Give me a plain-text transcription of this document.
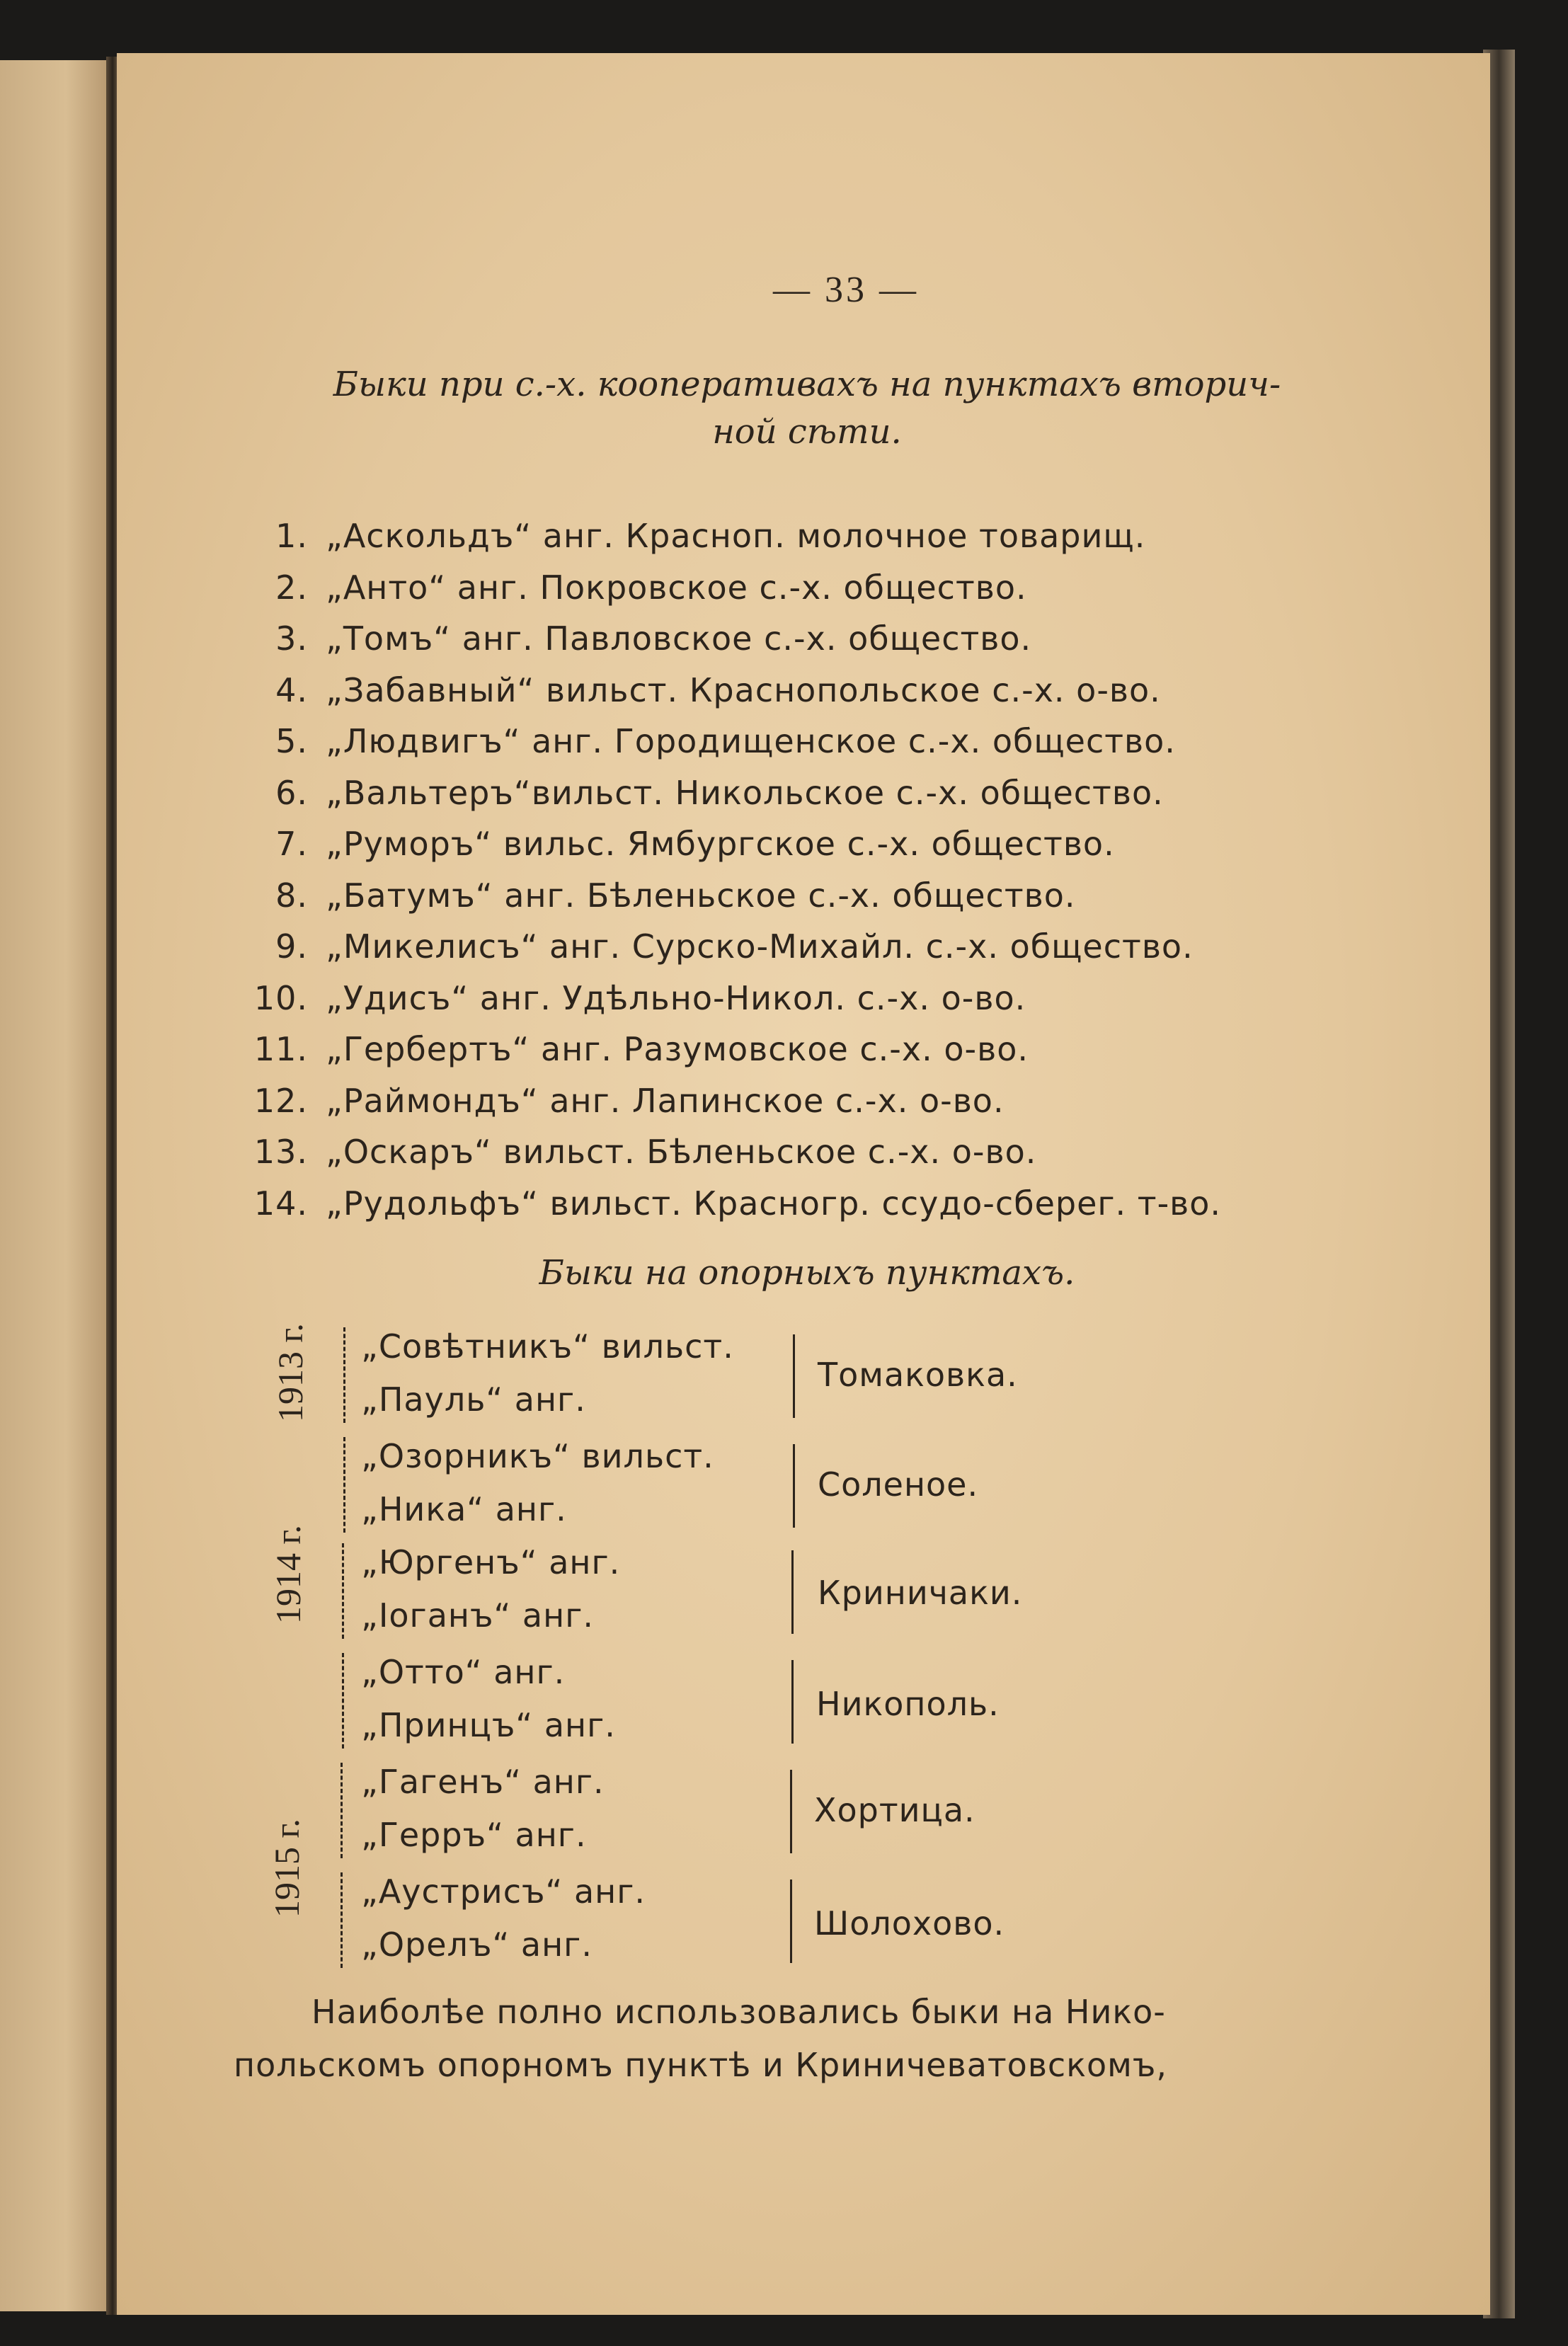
— 33 —
Быки при с.-х. кооперативахъ на пунктахъ вторич-
ной сѣти.
1. „Аскольдъ“ анг. Красноп. молочное товарищ.
2. „Анто“ анг. Покровское с.-х. общество.
3. „Томъ“ анг. Павловское с.-х. общество.
4. „Забавный“ вильст. Краснопольское с.-х. о-во.
5. „Людвигъ“ анг. Городищенское с.-х. общество.
6. „Вальтеръ“вильст. Никольское с.-х. общество.
7. „Руморъ“ вильс. Ямбургское с.-х. общество.
8. „Батумъ“ анг. Бѣленьское с.-х. общество.
9. „Микелисъ“ анг. Сурско-Михайл. с.-х. общество.
10. „Удисъ“ анг. Удѣльно-Никол. с.-х. о-во.
11. „Гербертъ“ анг. Разумовское с.-х. о-во.
12. „Раймондъ“ анг. Лапинское с.-х. о-во.
13. „Оскаръ“ вильст. Бѣленьское с.-х. о-во.
14. „Рудольфъ“ вильст. Красногр. ссудо-сберег. т-во.
Быки на опорныхъ пунктахъ.
1913 г.
1914 г.
1915 г.
„Совѣтникъ“ вильст.
„Пауль“ анг.
„Озорникъ“ вильст.
„Ника“ анг.
„Юргенъ“ анг.
„Іоганъ“ анг.
„Отто“ анг.
„Принцъ“ анг.
„Гагенъ“ анг.
„Герръ“ анг.
„Аустрисъ“ анг.
„Орелъ“ анг.
Томаковка.
Соленое.
Криничаки.
Никополь.
Хортица.
Шолохово.
Наиболѣе полно использовались быки на Нико-
польскомъ опорномъ пунктѣ и Криничеватовскомъ,
